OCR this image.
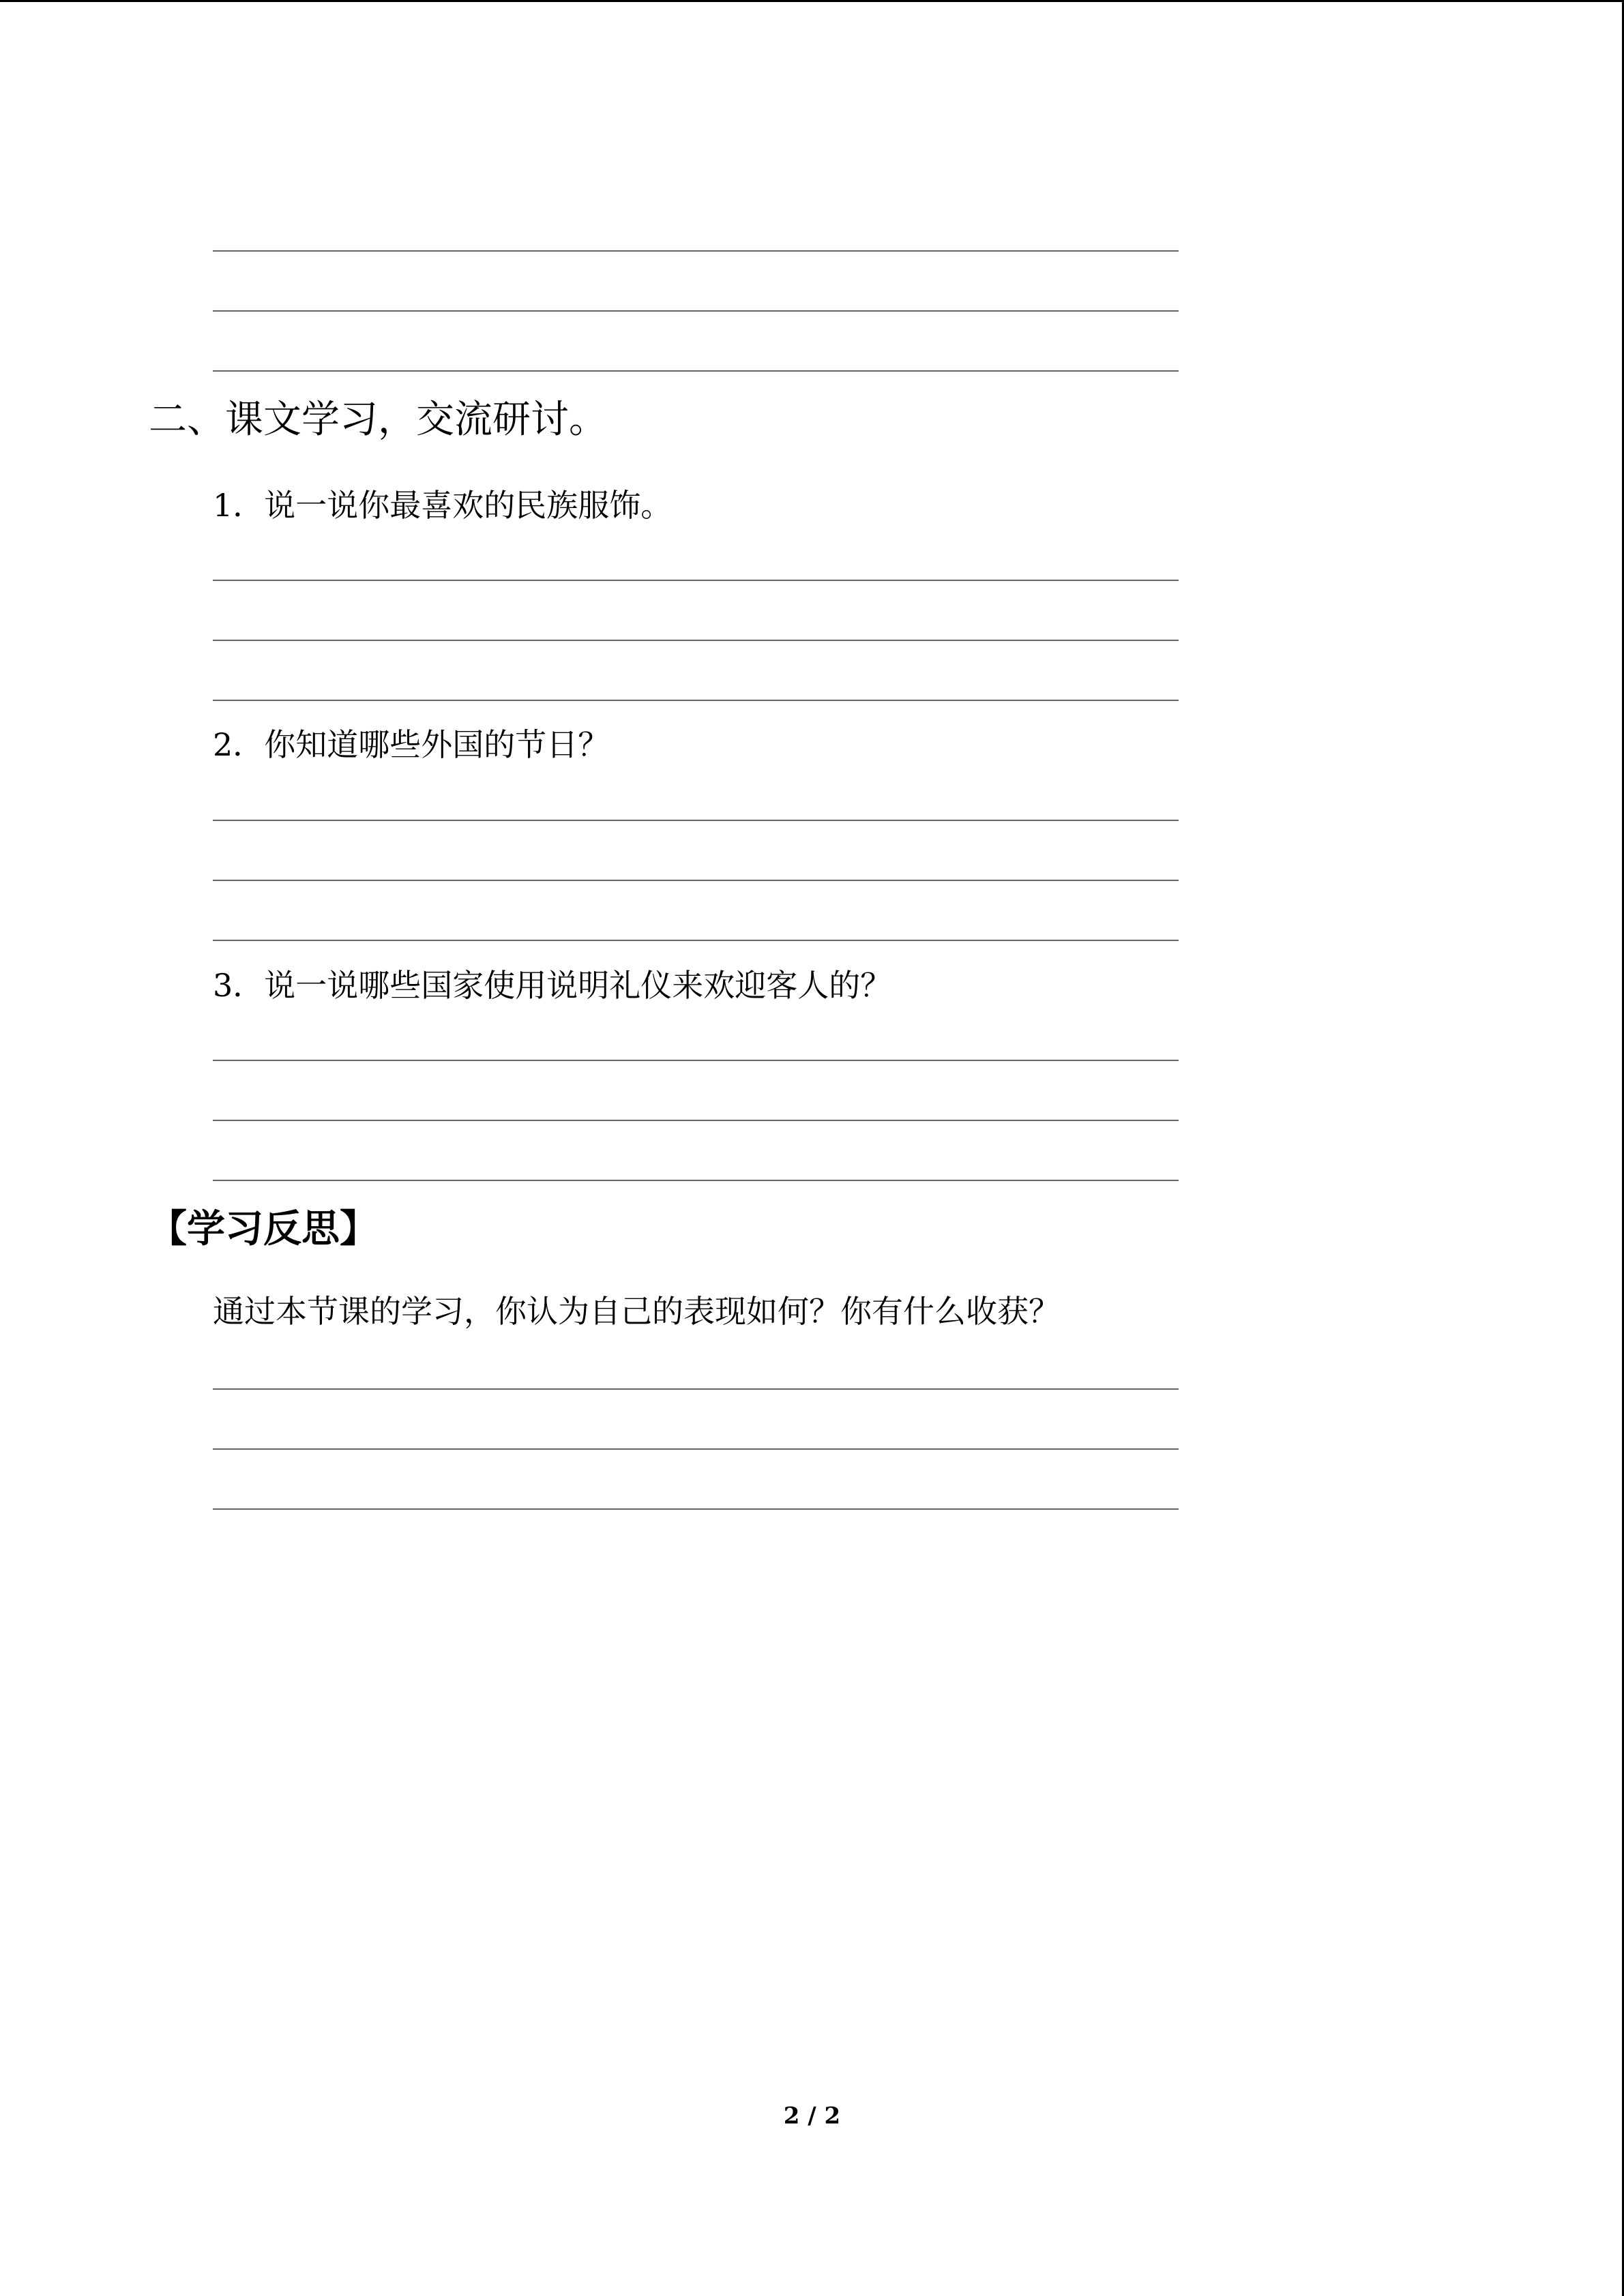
二、课文学习，交流研讨。
1．说一说你最喜欢的民族服饰。
2．你知道哪些外国的节日？
3．说一说哪些国家使用说明礼仪来欢迎客人的？
【学习反思】
通过本节课的学习，你认为自己的表现如何？你有什么收获？
2 / 2
